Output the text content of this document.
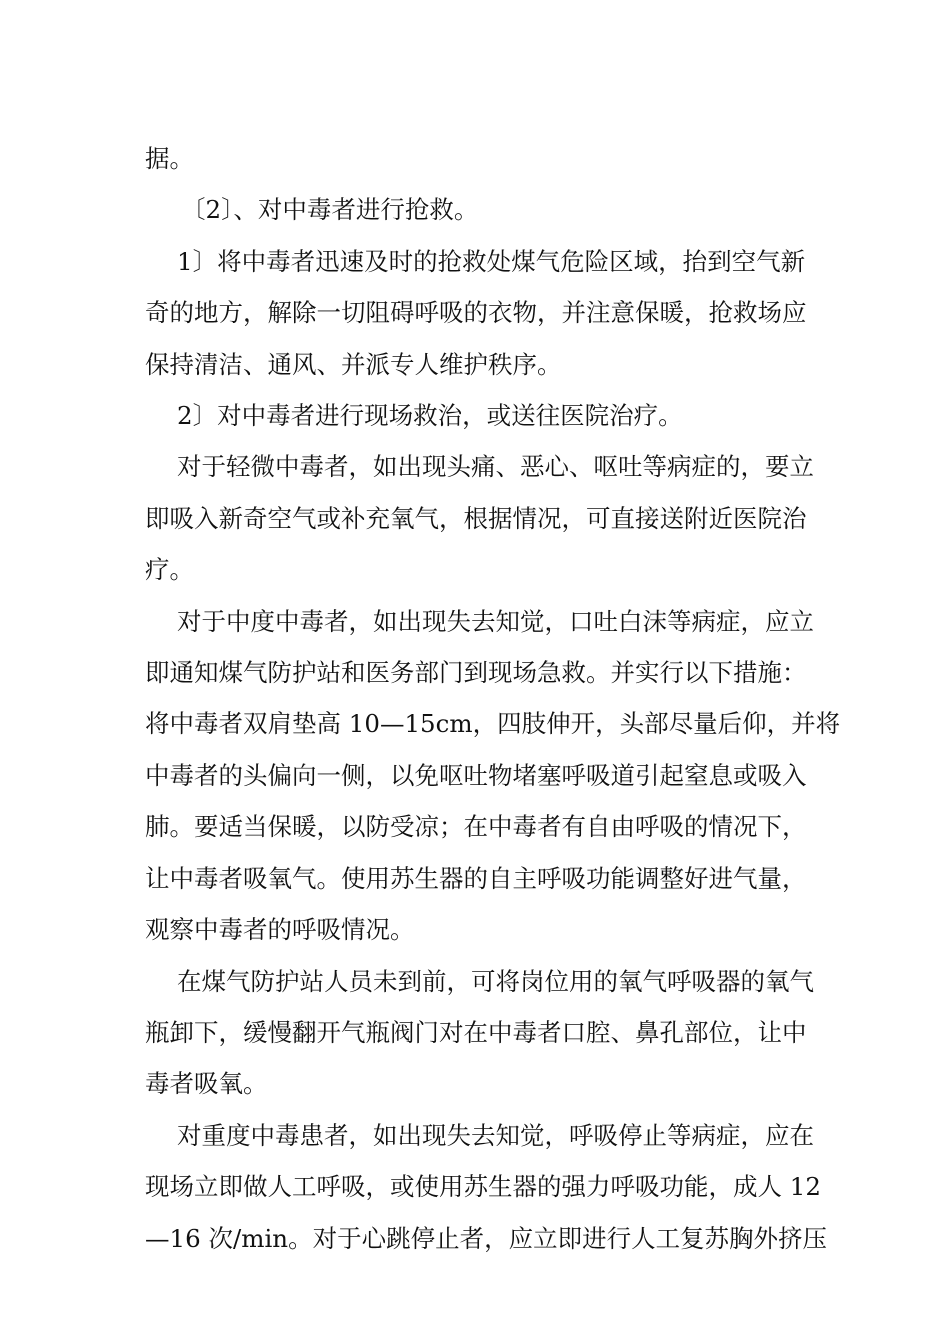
据。
〔2〕、对中毒者进行抢救。
1〕将中毒者迅速及时的抢救处煤气危险区域，抬到空气新
奇的地方，解除一切阻碍呼吸的衣物，并注意保暖，抢救场应
保持清洁、通风、并派专人维护秩序。
2〕对中毒者进行现场救治，或送往医院治疗。
对于轻微中毒者，如出现头痛、恶心、呕吐等病症的，要立
即吸入新奇空气或补充氧气，根据情况，可直接送附近医院治
疗。
对于中度中毒者，如出现失去知觉，口吐白沫等病症，应立
即通知煤气防护站和医务部门到现场急救。并实行以下措施：
将中毒者双肩垫高 10—15cm，四肢伸开，头部尽量后仰，并将
中毒者的头偏向一侧，以免呕吐物堵塞呼吸道引起窒息或吸入
肺。要适当保暖，以防受凉；在中毒者有自由呼吸的情况下，
让中毒者吸氧气。使用苏生器的自主呼吸功能调整好进气量，
观察中毒者的呼吸情况。
在煤气防护站人员未到前，可将岗位用的氧气呼吸器的氧气
瓶卸下，缓慢翻开气瓶阀门对在中毒者口腔、鼻孔部位，让中
毒者吸氧。
对重度中毒患者，如出现失去知觉，呼吸停止等病症，应在
现场立即做人工呼吸，或使用苏生器的强力呼吸功能，成人 12
—16 次/min。对于心跳停止者，应立即进行人工复苏胸外挤压
